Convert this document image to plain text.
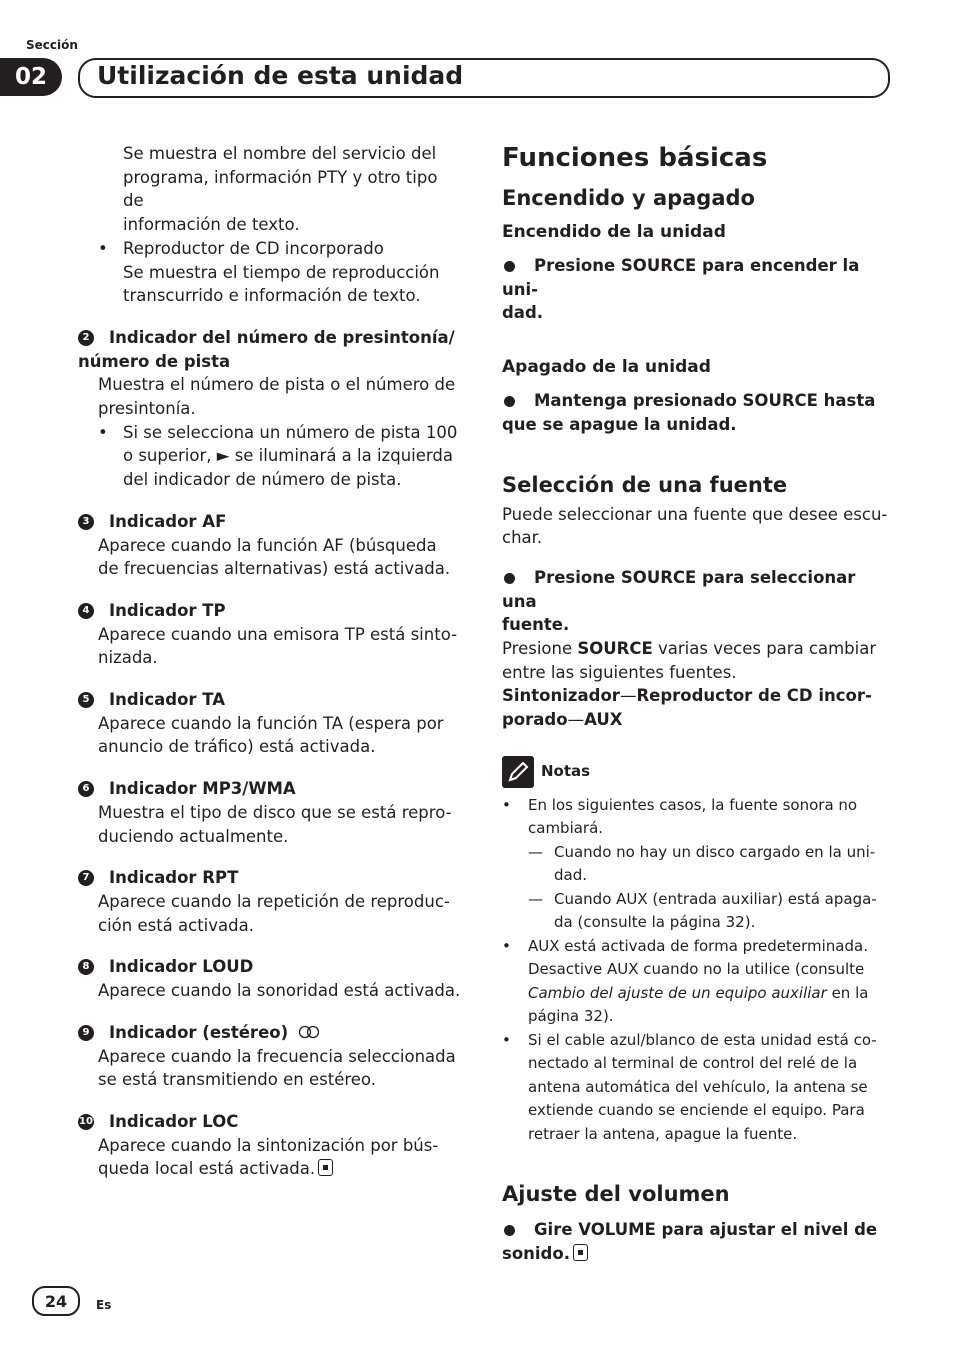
Sección
02	Utilización de esta unidad

Se muestra el nombre del servicio del

programa, información PTY y otro tipo de

información de texto.

• Reproductor de CD incorporado

Se muestra el tiempo de reproducción

transcurrido e información de texto.

2 Indicador del número de presintonía/
número de pista

Muestra el número de pista o el número de

presintonía.

• Si se selecciona un número de pista 100

o superior, ► se iluminará a la izquierda

del indicador de número de pista.

3 Indicador AF

Aparece cuando la función AF (búsqueda

de frecuencias alternativas) está activada.

4 Indicador TP

Aparece cuando una emisora TP está sinto-

nizada.

5 Indicador TA

Aparece cuando la función TA (espera por

anuncio de tráfico) está activada.

6 Indicador MP3/WMA

Muestra el tipo de disco que se está repro-

duciendo actualmente.

7 Indicador RPT

Aparece cuando la repetición de reproduc-

ción está activada.

8 Indicador LOUD

Aparece cuando la sonoridad está activada.

9 Indicador (estéreo)

Aparece cuando la frecuencia seleccionada

se está transmitiendo en estéreo.

10 Indicador LOC

Aparece cuando la sintonización por bús-

queda local está activada.

Funciones básicas
Encendido y apagado
Encendido de la unidad
Presione SOURCE para encender la uni-
dad.
Apagado de la unidad
Mantenga presionado SOURCE hasta
que se apague la unidad.
Selección de una fuente

Puede seleccionar una fuente que desee escu-

char.

Presione SOURCE para seleccionar una
fuente.

Presione SOURCE varias veces para cambiar

entre las siguientes fuentes.

Sintonizador—Reproductor de CD incor-

porado—AUX

Notas
• En los siguientes casos, la fuente sonora no
cambiará.
— Cuando no hay un disco cargado en la uni-
dad.
— Cuando AUX (entrada auxiliar) está apaga-
da (consulte la página 32).
• AUX está activada de forma predeterminada.
Desactive AUX cuando no la utilice (consulte
Cambio del ajuste de un equipo auxiliar en la
página 32).
• Si el cable azul/blanco de esta unidad está co-
nectado al terminal de control del relé de la
antena automática del vehículo, la antena se
extiende cuando se enciende el equipo. Para
retraer la antena, apague la fuente.
Ajuste del volumen
Gire VOLUME para ajustar el nivel de
sonido.
24	Es
